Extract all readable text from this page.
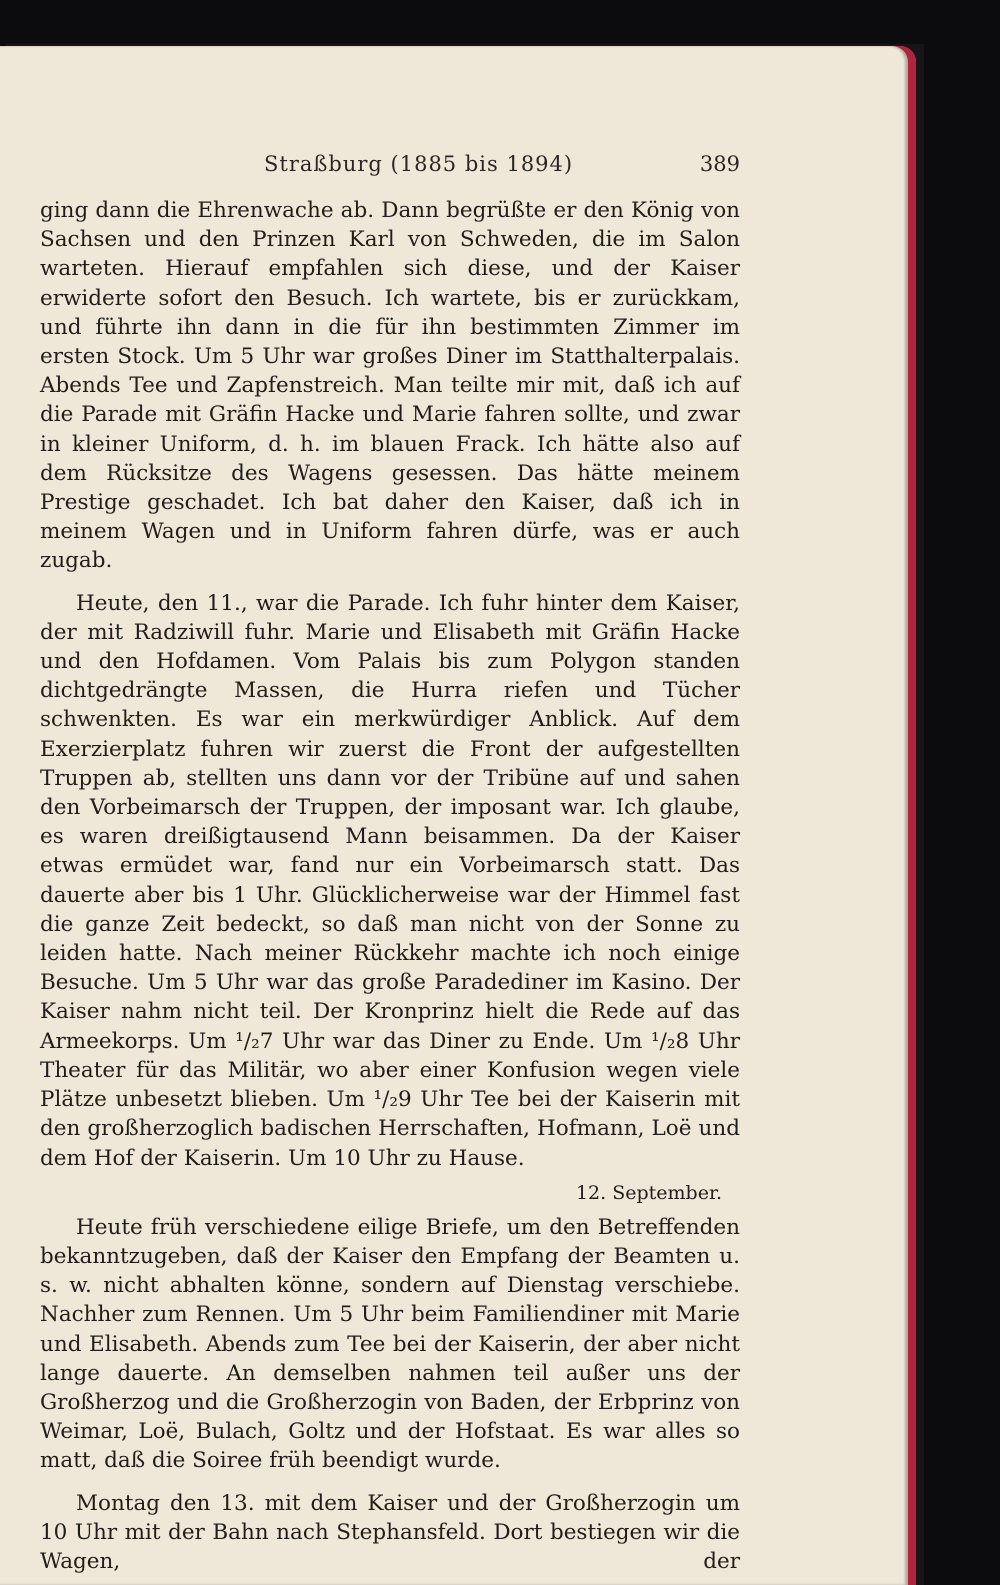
Straßburg (1885 bis 1894)	389

ging dann die Ehrenwache ab. Dann begrüßte er den König von Sachsen und den Prinzen Karl von Schweden, die im Salon warteten. Hierauf empfahlen sich diese, und der Kaiser erwiderte sofort den Besuch. Ich wartete, bis er zurückkam, und führte ihn dann in die für ihn bestimmten Zimmer im ersten Stock. Um 5 Uhr war großes Diner im Statthalterpalais. Abends Tee und Zapfenstreich. Man teilte mir mit, daß ich auf die Parade mit Gräfin Hacke und Marie fahren sollte, und zwar in kleiner Uniform, d. h. im blauen Frack. Ich hätte also auf dem Rücksitze des Wagens gesessen. Das hätte meinem Prestige geschadet. Ich bat daher den Kaiser, daß ich in meinem Wagen und in Uniform fahren dürfe, was er auch zugab.

Heute, den 11., war die Parade. Ich fuhr hinter dem Kaiser, der mit Radziwill fuhr. Marie und Elisabeth mit Gräfin Hacke und den Hofdamen. Vom Palais bis zum Polygon standen dichtgedrängte Massen, die Hurra riefen und Tücher schwenkten. Es war ein merkwürdiger Anblick. Auf dem Exerzierplatz fuhren wir zuerst die Front der aufgestellten Truppen ab, stellten uns dann vor der Tribüne auf und sahen den Vorbeimarsch der Truppen, der imposant war. Ich glaube, es waren dreißigtausend Mann beisammen. Da der Kaiser etwas ermüdet war, fand nur ein Vorbeimarsch statt. Das dauerte aber bis 1 Uhr. Glücklicherweise war der Himmel fast die ganze Zeit bedeckt, so daß man nicht von der Sonne zu leiden hatte. Nach meiner Rückkehr machte ich noch einige Besuche. Um 5 Uhr war das große Paradediner im Kasino. Der Kaiser nahm nicht teil. Der Kronprinz hielt die Rede auf das Armeekorps. Um ¹/₂7 Uhr war das Diner zu Ende. Um ¹/₂8 Uhr Theater für das Militär, wo aber einer Konfusion wegen viele Plätze unbesetzt blieben. Um ¹/₂9 Uhr Tee bei der Kaiserin mit den großherzoglich badischen Herrschaften, Hofmann, Loë und dem Hof der Kaiserin. Um 10 Uhr zu Hause.

12. September.

Heute früh verschiedene eilige Briefe, um den Betreffenden bekanntzugeben, daß der Kaiser den Empfang der Beamten u. s. w. nicht abhalten könne, sondern auf Dienstag verschiebe. Nachher zum Rennen. Um 5 Uhr beim Familiendiner mit Marie und Elisabeth. Abends zum Tee bei der Kaiserin, der aber nicht lange dauerte. An demselben nahmen teil außer uns der Großherzog und die Großherzogin von Baden, der Erbprinz von Weimar, Loë, Bulach, Goltz und der Hofstaat. Es war alles so matt, daß die Soiree früh beendigt wurde.

Montag den 13. mit dem Kaiser und der Großherzogin um 10 Uhr mit der Bahn nach Stephansfeld. Dort bestiegen wir die Wagen, der
